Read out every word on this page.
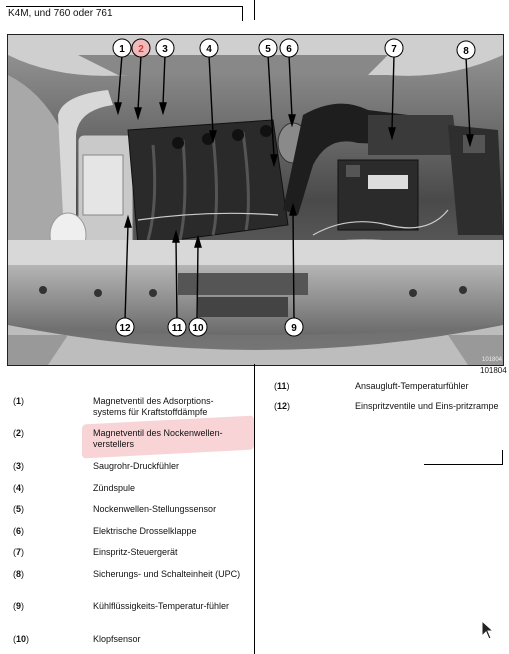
K4M, und 760 oder 761
1 2 3	4	5 6	7	8
9
10
11
12
101804
101804
(1)	Magnetventil des Adsorptions-systems für Kraftstoffdämpfe
(2)	Magnetventil des Nockenwellen-verstellers
(3)	Saugrohr-Druckfühler
(4)	Zündspule
(5)	Nockenwellen-Stellungssensor
(6)	Elektrische Drosselklappe
(7)	Einspritz-Steuergerät
(8)	Sicherungs- und Schalteinheit (UPC)
(9)	Kühlflüssigkeits-Temperatur-fühler
(10)	Klopfsensor
(11)	Ansaugluft-Temperaturfühler
(12)	Einspritzventile und Eins-pritzrampe
